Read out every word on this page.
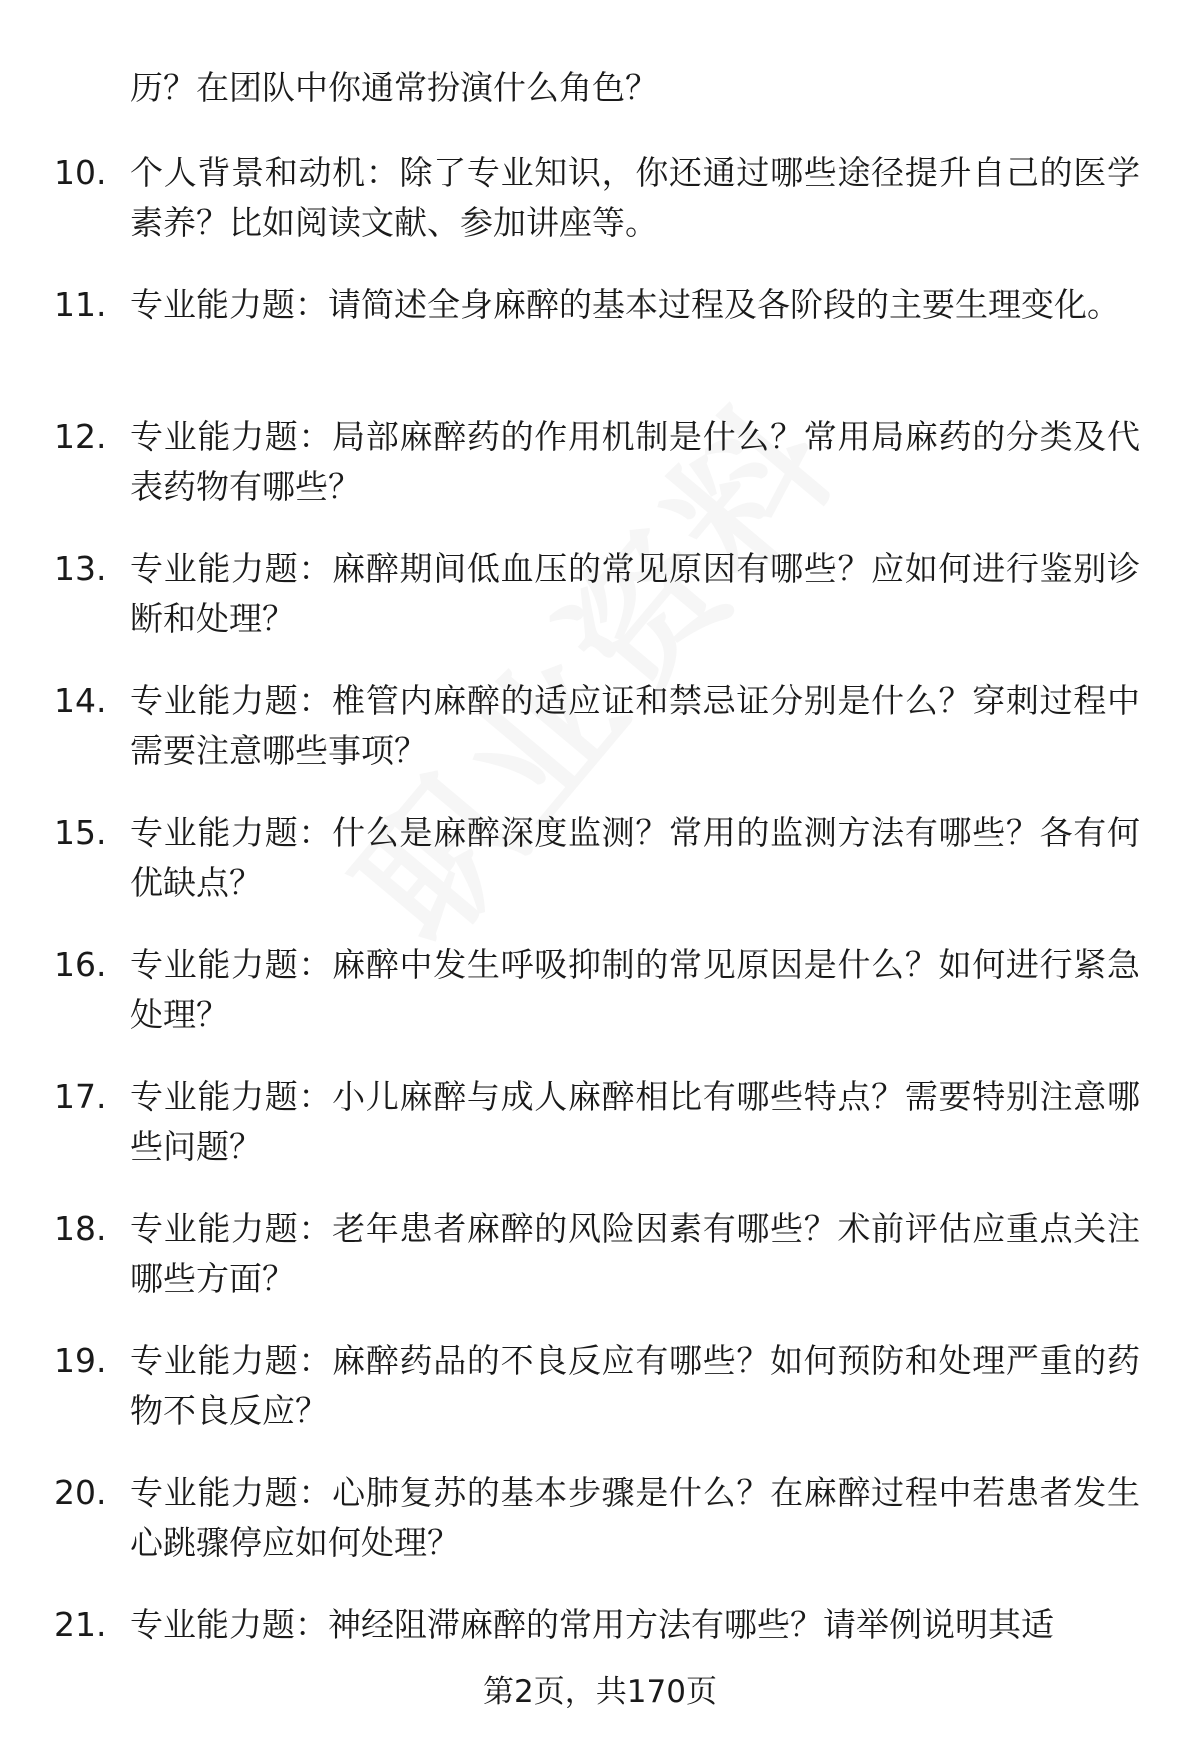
历？在团队中你通常扮演什么角色？
10. 个人背景和动机：除了专业知识，你还通过哪些途径提升自己的医学素养？比如阅读文献、参加讲座等。
11. 专业能力题：请简述全身麻醉的基本过程及各阶段的主要生理变化。
12. 专业能力题：局部麻醉药的作用机制是什么？常用局麻药的分类及代表药物有哪些？
13. 专业能力题：麻醉期间低血压的常见原因有哪些？应如何进行鉴别诊断和处理？
14. 专业能力题：椎管内麻醉的适应证和禁忌证分别是什么？穿刺过程中需要注意哪些事项？
15. 专业能力题：什么是麻醉深度监测？常用的监测方法有哪些？各有何优缺点？
16. 专业能力题：麻醉中发生呼吸抑制的常见原因是什么？如何进行紧急处理？
17. 专业能力题：小儿麻醉与成人麻醉相比有哪些特点？需要特别注意哪些问题？
18. 专业能力题：老年患者麻醉的风险因素有哪些？术前评估应重点关注哪些方面？
19. 专业能力题：麻醉药品的不良反应有哪些？如何预防和处理严重的药物不良反应？
20. 专业能力题：心肺复苏的基本步骤是什么？在麻醉过程中若患者发生心跳骤停应如何处理？
21. 专业能力题：神经阻滞麻醉的常用方法有哪些？请举例说明其适
第2页，共170页
